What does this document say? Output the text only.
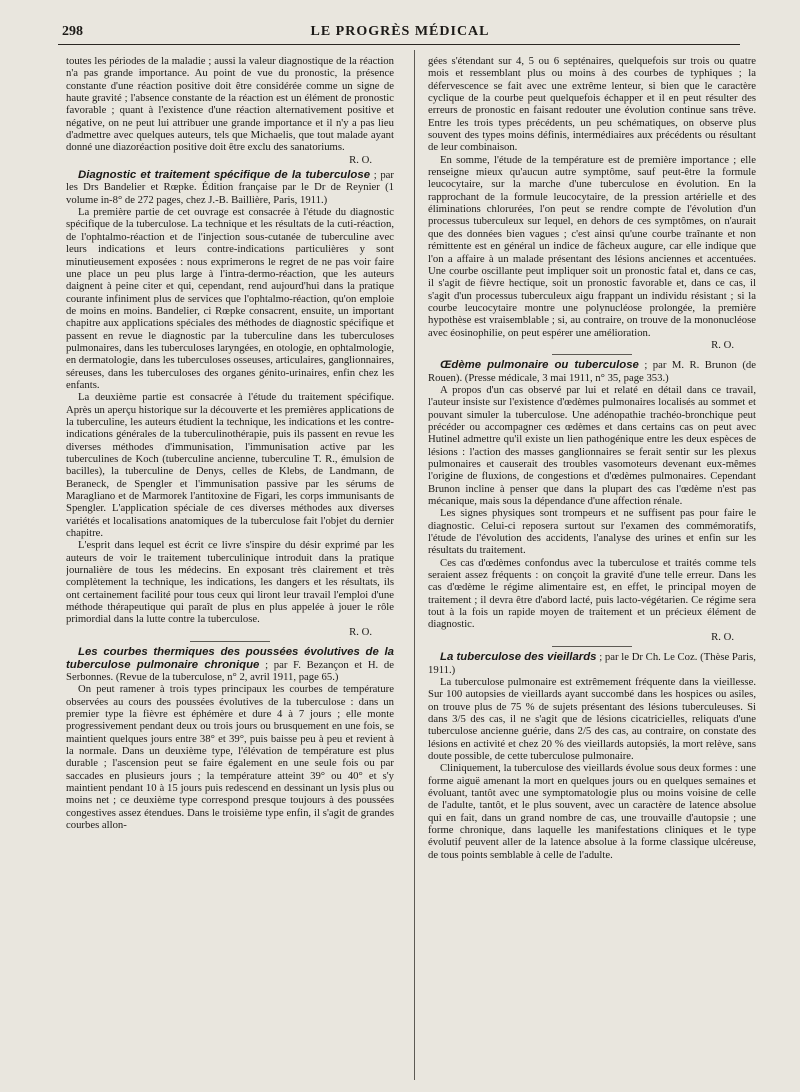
298	LE PROGRÈS MÉDICAL

toutes les périodes de la maladie ; aussi la valeur diagnostique de la réaction n'a pas grande importance. Au point de vue du pronostic, la présence constante d'une réaction positive doit être considérée comme un signe de haute gravité ; l'absence constante de la réaction est un élément de pronostic favorable ; quant à l'existence d'une réaction alternativement positive et négative, on ne peut lui attribuer une grande importance et il n'y a pas lieu d'admettre avec quelques auteurs, tels que Michaelis, que tout malade ayant donné une diazoréaction positive doit être exclu des sanatoriums.

R. O.

Diagnostic et traitement spécifique de la tuberculose ; par les Drs Bandelier et Rœpke. Édition française par le Dr de Reynier (1 volume in-8° de 272 pages, chez J.-B. Baillière, Paris, 1911.)

La première partie de cet ouvrage est consacrée à l'étude du diagnostic spécifique de la tuberculose. La technique et les résultats de la cuti-réaction, de l'ophtalmo-réaction et de l'injection sous-cutanée de tuberculine avec leurs indications et leurs contre-indications particulières y sont minutieusement exposées : nous exprimerons le regret de ne pas voir faire une place un peu plus large à l'intra-dermo-réaction, que les auteurs daignent à peine citer et qui, cependant, rend aujourd'hui dans la pratique courante infiniment plus de services que l'ophtalmo-réaction, qu'on emploie de moins en moins. Bandelier, ci Rœpke consacrent, ensuite, un important chapitre aux applications spéciales des méthodes de diagnostic spécifique et passent en revue le diagnostic par la tuberculine dans les tuberculoses pulmonaires, dans les tuberculoses laryngées, en otologie, en ophtalmologie, en dermatologie, dans les tuberculoses osseuses, articulaires, ganglionnaires, séreuses, dans les tuberculoses des organes génito-urinaires, enfin chez les enfants.

La deuxième partie est consacrée à l'étude du traitement spécifique. Après un aperçu historique sur la découverte et les premières applications de la tuberculine, les auteurs étudient la technique, les indications et les contre-indications générales de la tuberculinothérapie, puis ils passent en revue les diverses méthodes d'immunisation, l'immunisation active par les tuberculines de Koch (tuberculine ancienne, tuberculine T. R., émulsion de bacilles), la tuberculine de Denys, celles de Klebs, de Landmann, de Beraneck, de Spengler et l'immunisation passive par les sérums de Maragliano et de Marmorek l'antitoxine de Figari, les corps immunisants de Spengler. L'application spéciale de ces diverses méthodes aux diverses variétés et localisations anatomiques de la tuberculose fait l'objet du dernier chapitre.

L'esprit dans lequel est écrit ce livre s'inspire du désir exprimé par les auteurs de voir le traitement tuberculinique introduit dans la pratique journalière de tous les médecins. En exposant très clairement et très complètement la technique, les indications, les dangers et les résultats, ils ont certainement facilité pour tous ceux qui liront leur travail l'emploi d'une méthode thérapeutique qui paraît de plus en plus appelée à jouer le rôle primordial dans la lutte contre la tuberculose.

R. O.

Les courbes thermiques des poussées évolutives de la tuberculose pulmonaire chronique ; par F. Bezançon et H. de Serbonnes. (Revue de la tuberculose, n° 2, avril 1911, page 65.)

On peut ramener à trois types principaux les courbes de température observées au cours des poussées évolutives de la tuberculose : dans un premier type la fièvre est éphémère et dure 4 à 7 jours ; elle monte progressivement pendant deux ou trois jours ou brusquement en une fois, se maintient quelques jours entre 38° et 39°, puis baisse peu à peu et revient à la normale. Dans un deuxième type, l'élévation de température est plus durable ; l'ascension peut se faire également en une seule fois ou par saccades en plusieurs jours ; la température atteint 39° ou 40° et s'y maintient pendant 10 à 15 jours puis redescend en dessinant un lysis plus ou moins net ; ce deuxième type correspond presque toujours à des poussées congestives assez étendues. Dans le troisième type enfin, il s'agit de grandes courbes allon-

gées s'étendant sur 4, 5 ou 6 septénaires, quelquefois sur trois ou quatre mois et ressemblant plus ou moins à des courbes de typhiques ; la défervescence se fait avec une extrême lenteur, si bien que le caractère cyclique de la courbe peut quelquefois échapper et il en peut résulter des erreurs de pronostic en faisant redouter une évolution continue sans trêve. Entre les trois types précédents, un peu schématiques, on observe plus souvent des types moins définis, intermédiaires aux précédents ou résultant de leur combinaison.

En somme, l'étude de la température est de première importance ; elle renseigne mieux qu'aucun autre symptôme, sauf peut-être la formule leucocytaire, sur la marche d'une tuberculose en évolution. En la rapprochant de la formule leucocytaire, de la pression artérielle et des éliminations chlorurées, l'on peut se rendre compte de l'évolution d'un processus tuberculeux sur lequel, en dehors de ces symptômes, on n'aurait que des données bien vagues ; c'est ainsi qu'une courbe traînante et non rémittente est en général un indice de fâcheux augure, car elle indique que l'on a affaire à un malade présentant des lésions anciennes et accentuées. Une courbe oscillante peut impliquer soit un pronostic fatal et, dans ce cas, il s'agit de fièvre hectique, soit un pronostic favorable et, dans ce cas, il s'agit d'un processus tuberculeux aigu frappant un individu résistant ; si la courbe leucocytaire montre une polynucléose prolongée, la première hypothèse est vraisemblable ; si, au contraire, on trouve de la mononucléose avec éosinophilie, on peut espérer une amélioration.

R. O.

Œdème pulmonaire ou tuberculose ; par M. R. Brunon (de Rouen). (Presse médicale, 3 mai 1911, n° 35, page 353.)

A propos d'un cas observé par lui et relaté en détail dans ce travail, l'auteur insiste sur l'existence d'œdèmes pulmonaires localisés au sommet et pouvant simuler la tuberculose. Une adénopathie trachéo-bronchique peut précéder ou accompagner ces œdèmes et dans certains cas on peut avec Hutinel admettre qu'il existe un lien pathogénique entre les deux espèces de lésions : l'action des masses ganglionnaires se ferait sentir sur les plexus pulmonaires et causerait des troubles vasomoteurs devenant eux-mêmes l'origine de fluxions, de congestions et d'œdèmes pulmonaires. Cependant Brunon incline à penser que dans la plupart des cas l'œdème n'est pas mécanique, mais sous la dépendance d'une affection rénale.

Les signes physiques sont trompeurs et ne suffisent pas pour faire le diagnostic. Celui-ci reposera surtout sur l'examen des commémoratifs, l'étude de l'évolution des accidents, l'analyse des urines et enfin sur les résultats du traitement.

Ces cas d'œdèmes confondus avec la tuberculose et traités comme tels seraient assez fréquents : on conçoit la gravité d'une telle erreur. Dans les cas d'œdème le régime alimentaire est, en effet, le principal moyen de traitement ; il devra être d'abord lacté, puis lacto-végétarien. Ce régime sera tout à la fois un rapide moyen de traitement et un précieux élément de diagnostic.

R. O.

La tuberculose des vieillards ; par le Dr Ch. Le Coz. (Thèse Paris, 1911.)

La tuberculose pulmonaire est extrêmement fréquente dans la vieillesse. Sur 100 autopsies de vieillards ayant succombé dans les hospices ou asiles, on trouve plus de 75 % de sujets présentant des lésions tuberculeuses. Si dans 3/5 des cas, il ne s'agit que de lésions cicatricielles, reliquats d'une tuberculose ancienne guérie, dans 2/5 des cas, au contraire, on constate des lésions en activité et chez 20 % des vieillards autopsiés, la mort relève, sans doute possible, de cette tuberculose pulmonaire.

Cliniquement, la tuberculose des vieillards évolue sous deux formes : une forme aiguë amenant la mort en quelques jours ou en quelques semaines et évoluant, tantôt avec une symptomatologie plus ou moins voisine de celle de l'adulte, tantôt, et le plus souvent, avec un caractère de latence absolue qui en fait, dans un grand nombre de cas, une trouvaille d'autopsie ; une forme chronique, dans laquelle les manifestations cliniques et le type évolutif peuvent aller de la latence absolue à la forme classique ulcéreuse, de tous points semblable à celle de l'adulte.
